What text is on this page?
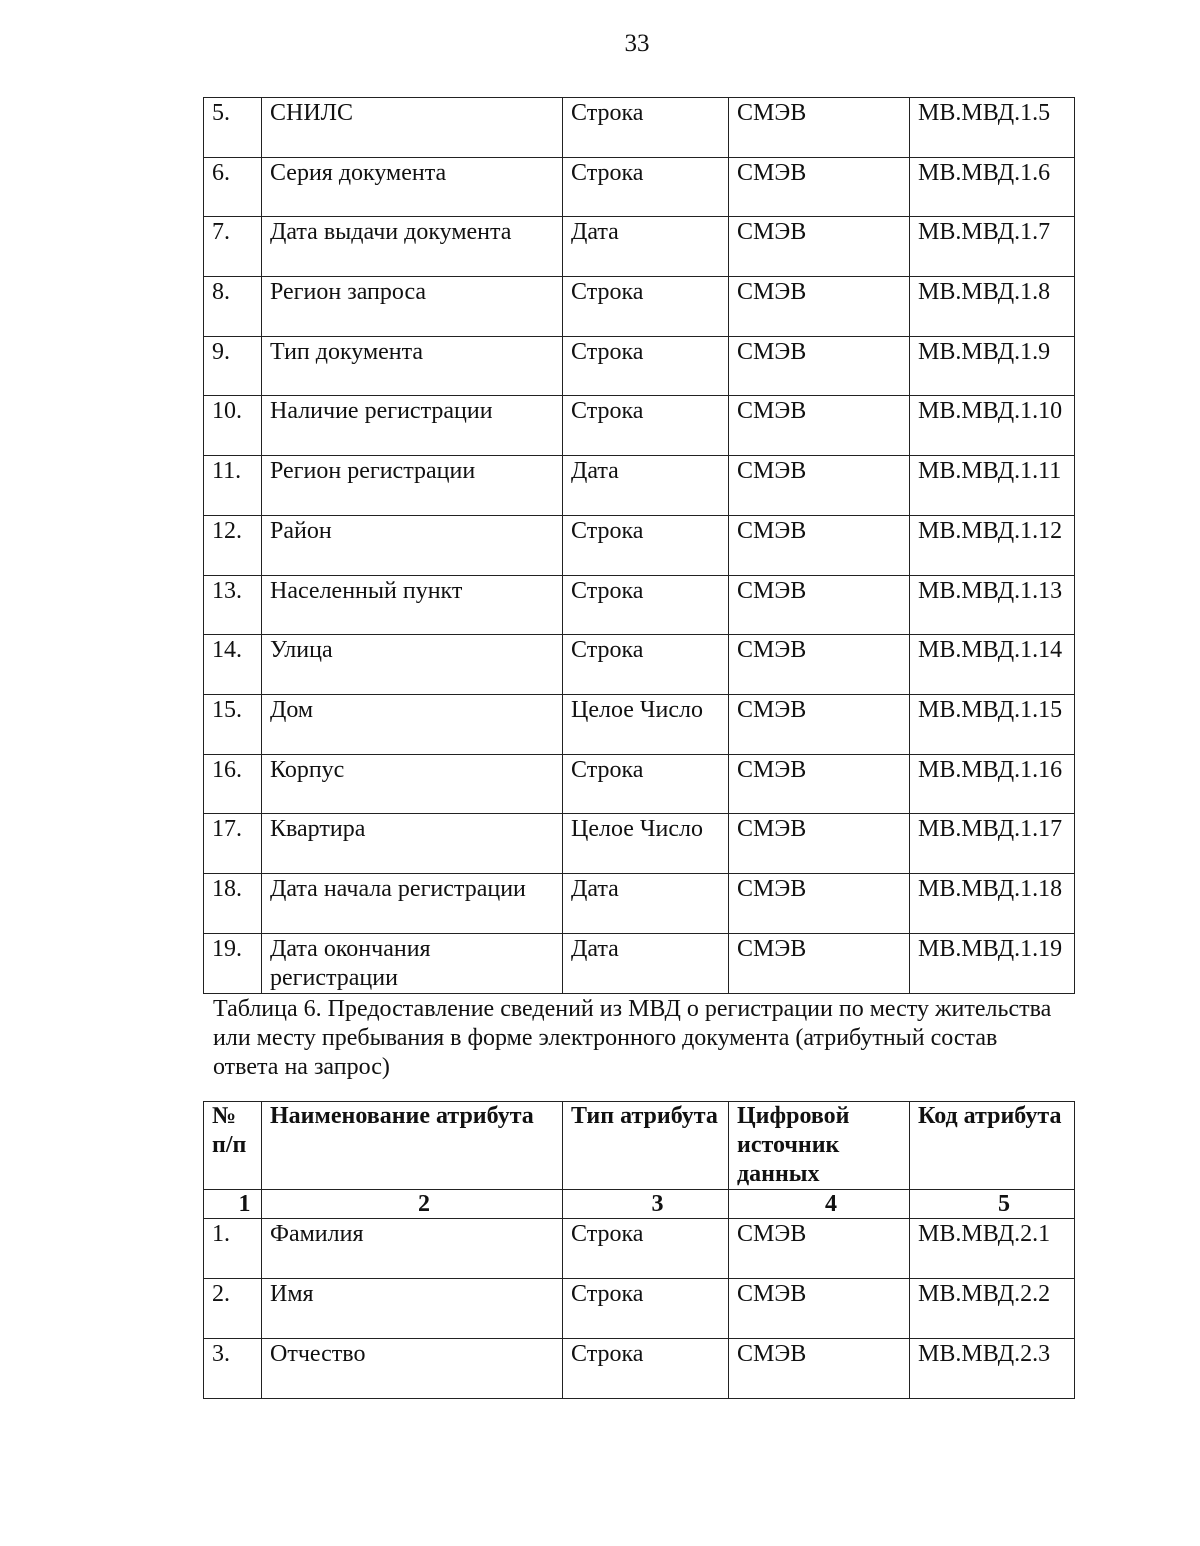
33
5.	СНИЛС	Строка	СМЭВ	МВ.МВД.1.5
6.	Серия документа	Строка	СМЭВ	МВ.МВД.1.6
7.	Дата выдачи документа	Дата	СМЭВ	МВ.МВД.1.7
8.	Регион запроса	Строка	СМЭВ	МВ.МВД.1.8
9.	Тип документа	Строка	СМЭВ	МВ.МВД.1.9
10.	Наличие регистрации	Строка	СМЭВ	МВ.МВД.1.10
11.	Регион регистрации	Дата	СМЭВ	МВ.МВД.1.11
12.	Район	Строка	СМЭВ	МВ.МВД.1.12
13.	Населенный пункт	Строка	СМЭВ	МВ.МВД.1.13
14.	Улица	Строка	СМЭВ	МВ.МВД.1.14
15.	Дом	Целое Число	СМЭВ	МВ.МВД.1.15
16.	Корпус	Строка	СМЭВ	МВ.МВД.1.16
17.	Квартира	Целое Число	СМЭВ	МВ.МВД.1.17
18.	Дата начала регистрации	Дата	СМЭВ	МВ.МВД.1.18
19.	Дата окончания регистрации	Дата	СМЭВ	МВ.МВД.1.19
Таблица 6. Предоставление сведений из МВД о регистрации по месту жительства или месту пребывания в форме электронного документа (атрибутный состав ответа на запрос)
№ п/п	Наименование атрибута	Тип атрибута	Цифровой источник данных	Код атрибута
1	2	3	4	5
1.	Фамилия	Строка	СМЭВ	МВ.МВД.2.1
2.	Имя	Строка	СМЭВ	МВ.МВД.2.2
3.	Отчество	Строка	СМЭВ	МВ.МВД.2.3
